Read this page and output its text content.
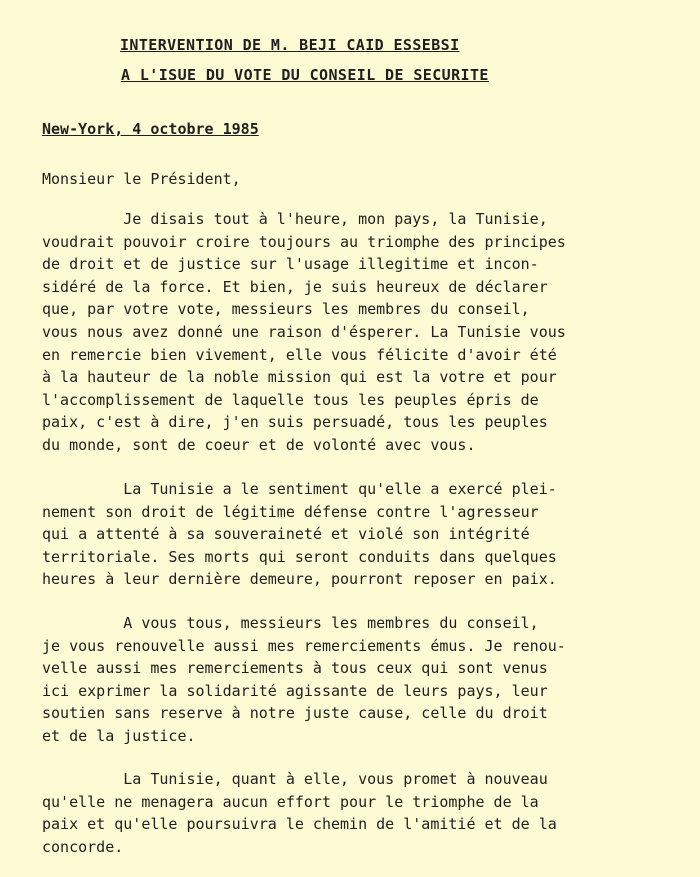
INTERVENTION DE M. BEJI CAID ESSEBSI
A L'ISUE DU VOTE DU CONSEIL DE SECURITE
New-York, 4 octobre 1985
Monsieur le Président,
Je disais tout à l'heure, mon pays, la Tunisie,
voudrait pouvoir croire toujours au triomphe des principes
de droit et de justice sur l'usage illegitime et incon-
sidéré de la force. Et bien, je suis heureux de déclarer
que, par votre vote, messieurs les membres du conseil,
vous nous avez donné une raison d'ésperer. La Tunisie vous
en remercie bien vivement, elle vous félicite d'avoir été
à la hauteur de la noble mission qui est la votre et pour
l'accomplissement de laquelle tous les peuples épris de
paix, c'est à dire, j'en suis persuadé, tous les peuples
du monde, sont de coeur et de volonté avec vous.
La Tunisie a le sentiment qu'elle a exercé plei-
nement son droit de légitime défense contre l'agresseur
qui a attenté à sa souveraineté et violé son intégrité
territoriale. Ses morts qui seront conduits dans quelques
heures à leur dernière demeure, pourront reposer en paix.
A vous tous, messieurs les membres du conseil,
je vous renouvelle aussi mes remerciements émus. Je renou-
velle aussi mes remerciements à tous ceux qui sont venus
ici exprimer la solidarité agissante de leurs pays, leur
soutien sans reserve à notre juste cause, celle du droit
et de la justice.
La Tunisie, quant à elle, vous promet à nouveau
qu'elle ne menagera aucun effort pour le triomphe de la
paix et qu'elle poursuivra le chemin de l'amitié et de la
concorde.
